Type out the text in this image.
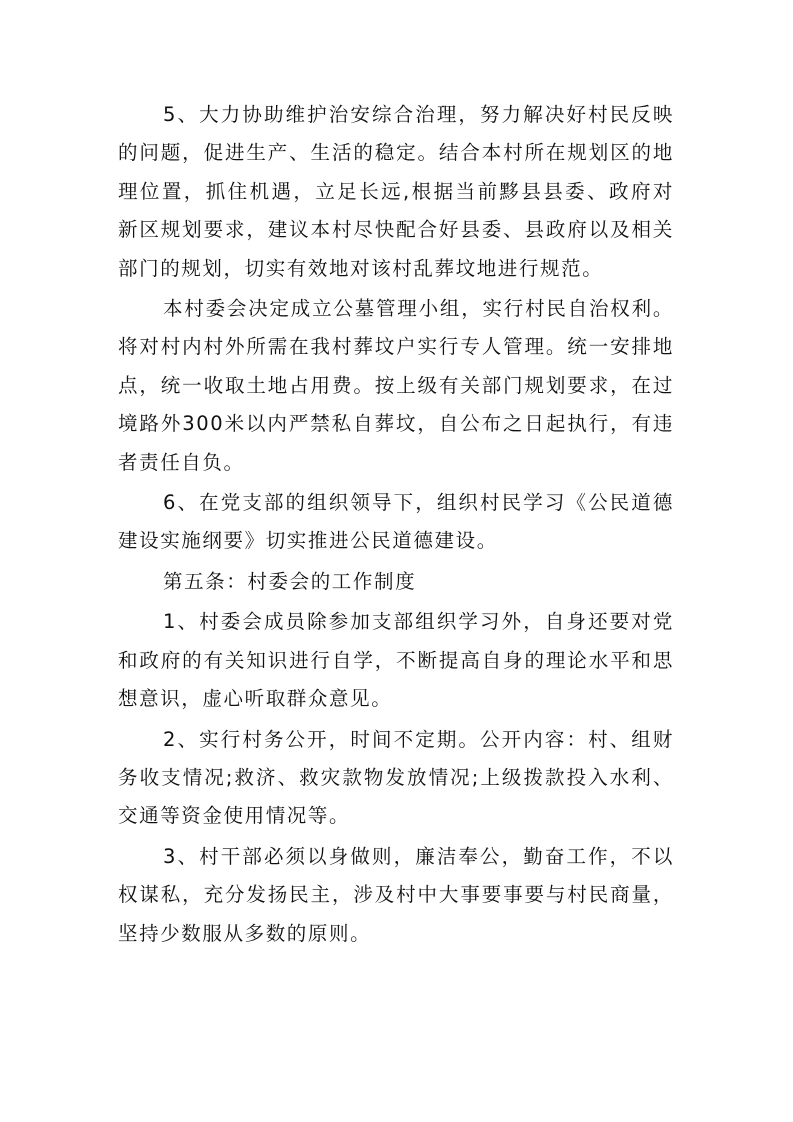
5、大力协助维护治安综合治理，努力解决好村民反映的问题，促进生产、生活的稳定。结合本村所在规划区的地理位置，抓住机遇，立足长远,根据当前黟县县委、政府对新区规划要求，建议本村尽快配合好县委、县政府以及相关部门的规划，切实有效地对该村乱葬坟地进行规范。

本村委会决定成立公墓管理小组，实行村民自治权利。将对村内村外所需在我村葬坟户实行专人管理。统一安排地点，统一收取土地占用费。按上级有关部门规划要求，在过境路外300米以内严禁私自葬坟，自公布之日起执行，有违者责任自负。

6、在党支部的组织领导下，组织村民学习《公民道德建设实施纲要》切实推进公民道德建设。

第五条：村委会的工作制度

1、村委会成员除参加支部组织学习外，自身还要对党和政府的有关知识进行自学，不断提高自身的理论水平和思想意识，虚心听取群众意见。

2、实行村务公开，时间不定期。公开内容：村、组财务收支情况;救济、救灾款物发放情况;上级拨款投入水利、交通等资金使用情况等。

3、村干部必须以身做则，廉洁奉公，勤奋工作，不以权谋私，充分发扬民主，涉及村中大事要事要与村民商量，坚持少数服从多数的原则。
